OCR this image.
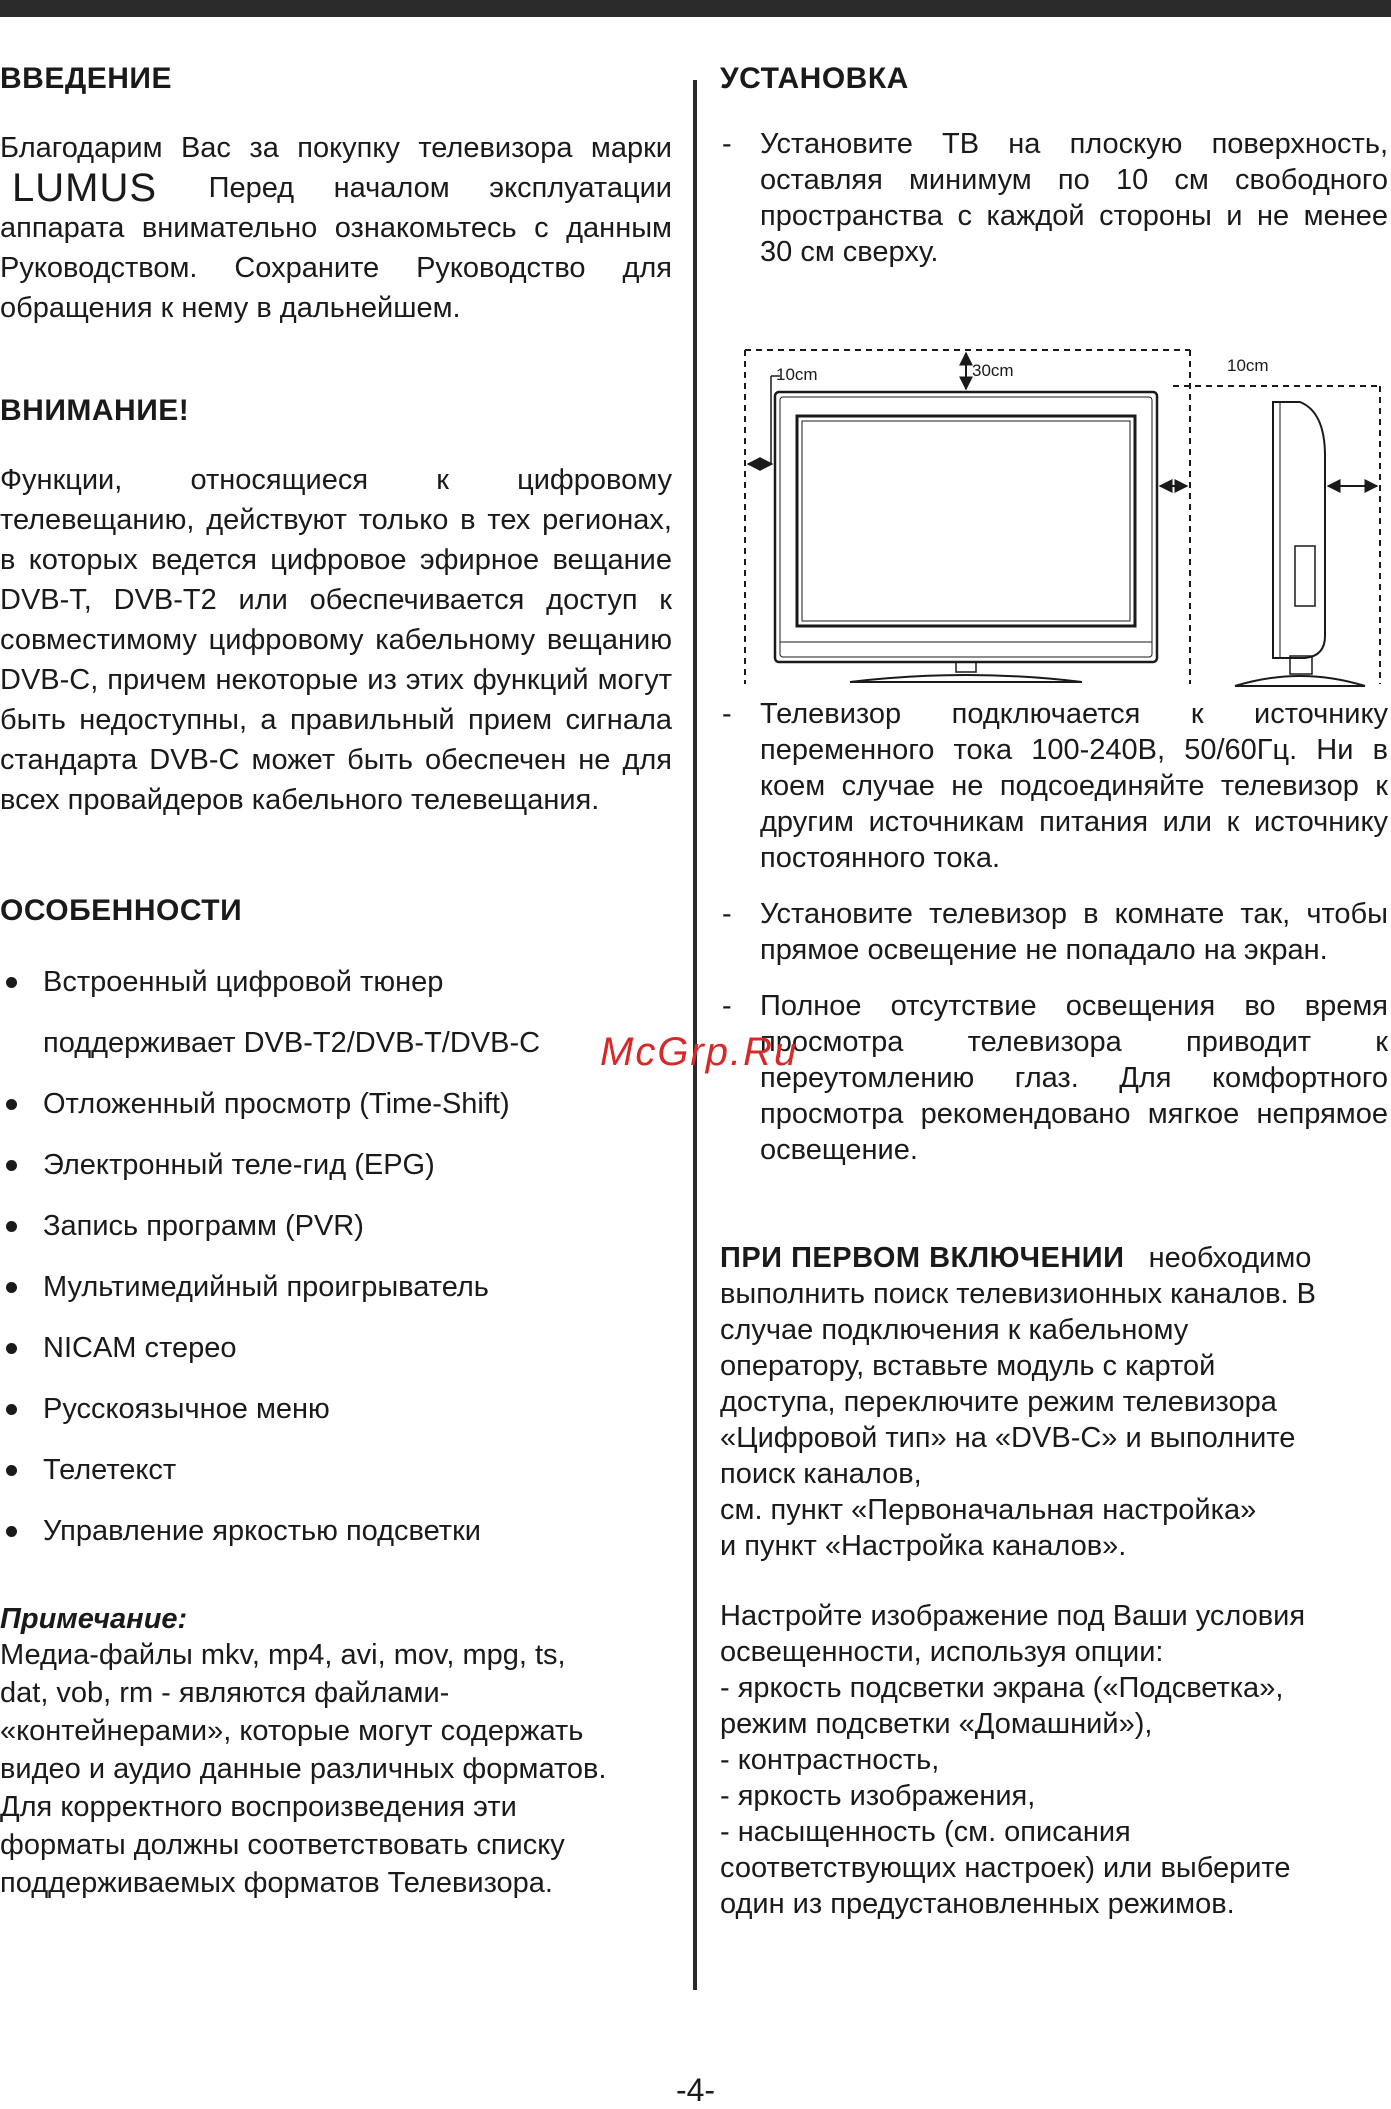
ВВЕДЕНИЕ

Благодарим Вас за покупку телевизора марки LUMUS Перед началом эксплуатации аппарата внимательно ознакомьтесь с данным Руководством. Сохраните Руководство для обращения к нему в дальнейшем.

ВНИМАНИЕ!

Функции, относящиеся к цифровому телевещанию, действуют только в тех регионах, в которых ведется цифровое эфирное вещание DVB-T, DVB-T2 или обеспечивается доступ к совместимому цифровому кабельному вещанию DVB-C, причем некоторые из этих функций могут быть недоступны, а правильный прием сигнала стандарта DVB-C может быть обеспечен не для всех провайдеров кабельного телевещания.

ОСОБЕННОСТИ
Встроенный цифровой тюнер
поддерживает DVB-T2/DVB-T/DVB-C
Отложенный просмотр (Time-Shift)
Электронный теле-гид (EPG)
Запись программ (PVR)
Мультимедийный проигрыватель
NICAM стерео
Русскоязычное меню
Телетекст
Управление яркостью подсветки

Примечание:

Медиа-файлы mkv, mp4, avi, mov, mpg, ts,
dat, vob, rm - являются файлами-
«контейнерами», которые могут содержать
видео и аудио данные различных форматов.
Для корректного воспроизведения эти
форматы должны соответствовать списку
поддерживаемых форматов Телевизора.

УСТАНОВКА
- Установите ТВ на плоскую поверхность, оставляя минимум по 10 см свободного пространства с каждой стороны и не менее 30 см сверху.
- Телевизор подключается к источнику переменного тока 100-240В, 50/60Гц. Ни в коем случае не подсоединяйте телевизор к другим источникам питания или к источнику постоянного тока.
- Установите телевизор в комнате так, чтобы прямое освещение не попадало на экран.
- Полное отсутствие освещения во время просмотра телевизора приводит к переутомлению глаз. Для комфортного просмотра рекомендовано мягкое непрямое освещение.

ПРИ ПЕРВОМ ВКЛЮЧЕНИИ необходимо
выполнить поиск телевизионных каналов. В
случае подключения к кабельному
оператору, вставьте модуль с картой
доступа, переключите режим телевизора
«Цифровой тип» на «DVB-C» и выполните
поиск каналов,
см. пункт «Первоначальная настройка»
и пункт «Настройка каналов».

Настройте изображение под Ваши условия
освещенности, используя опции:
- яркость подсветки экрана («Подсветка»,
режим подсветки «Домашний»),
- контрастность,
- яркость изображения,
- насыщенность (см. описания
соответствующих настроек) или выберите
один из предустановленных режимов.

10cm	30cm	10cm
McGrp.Ru
-4-
